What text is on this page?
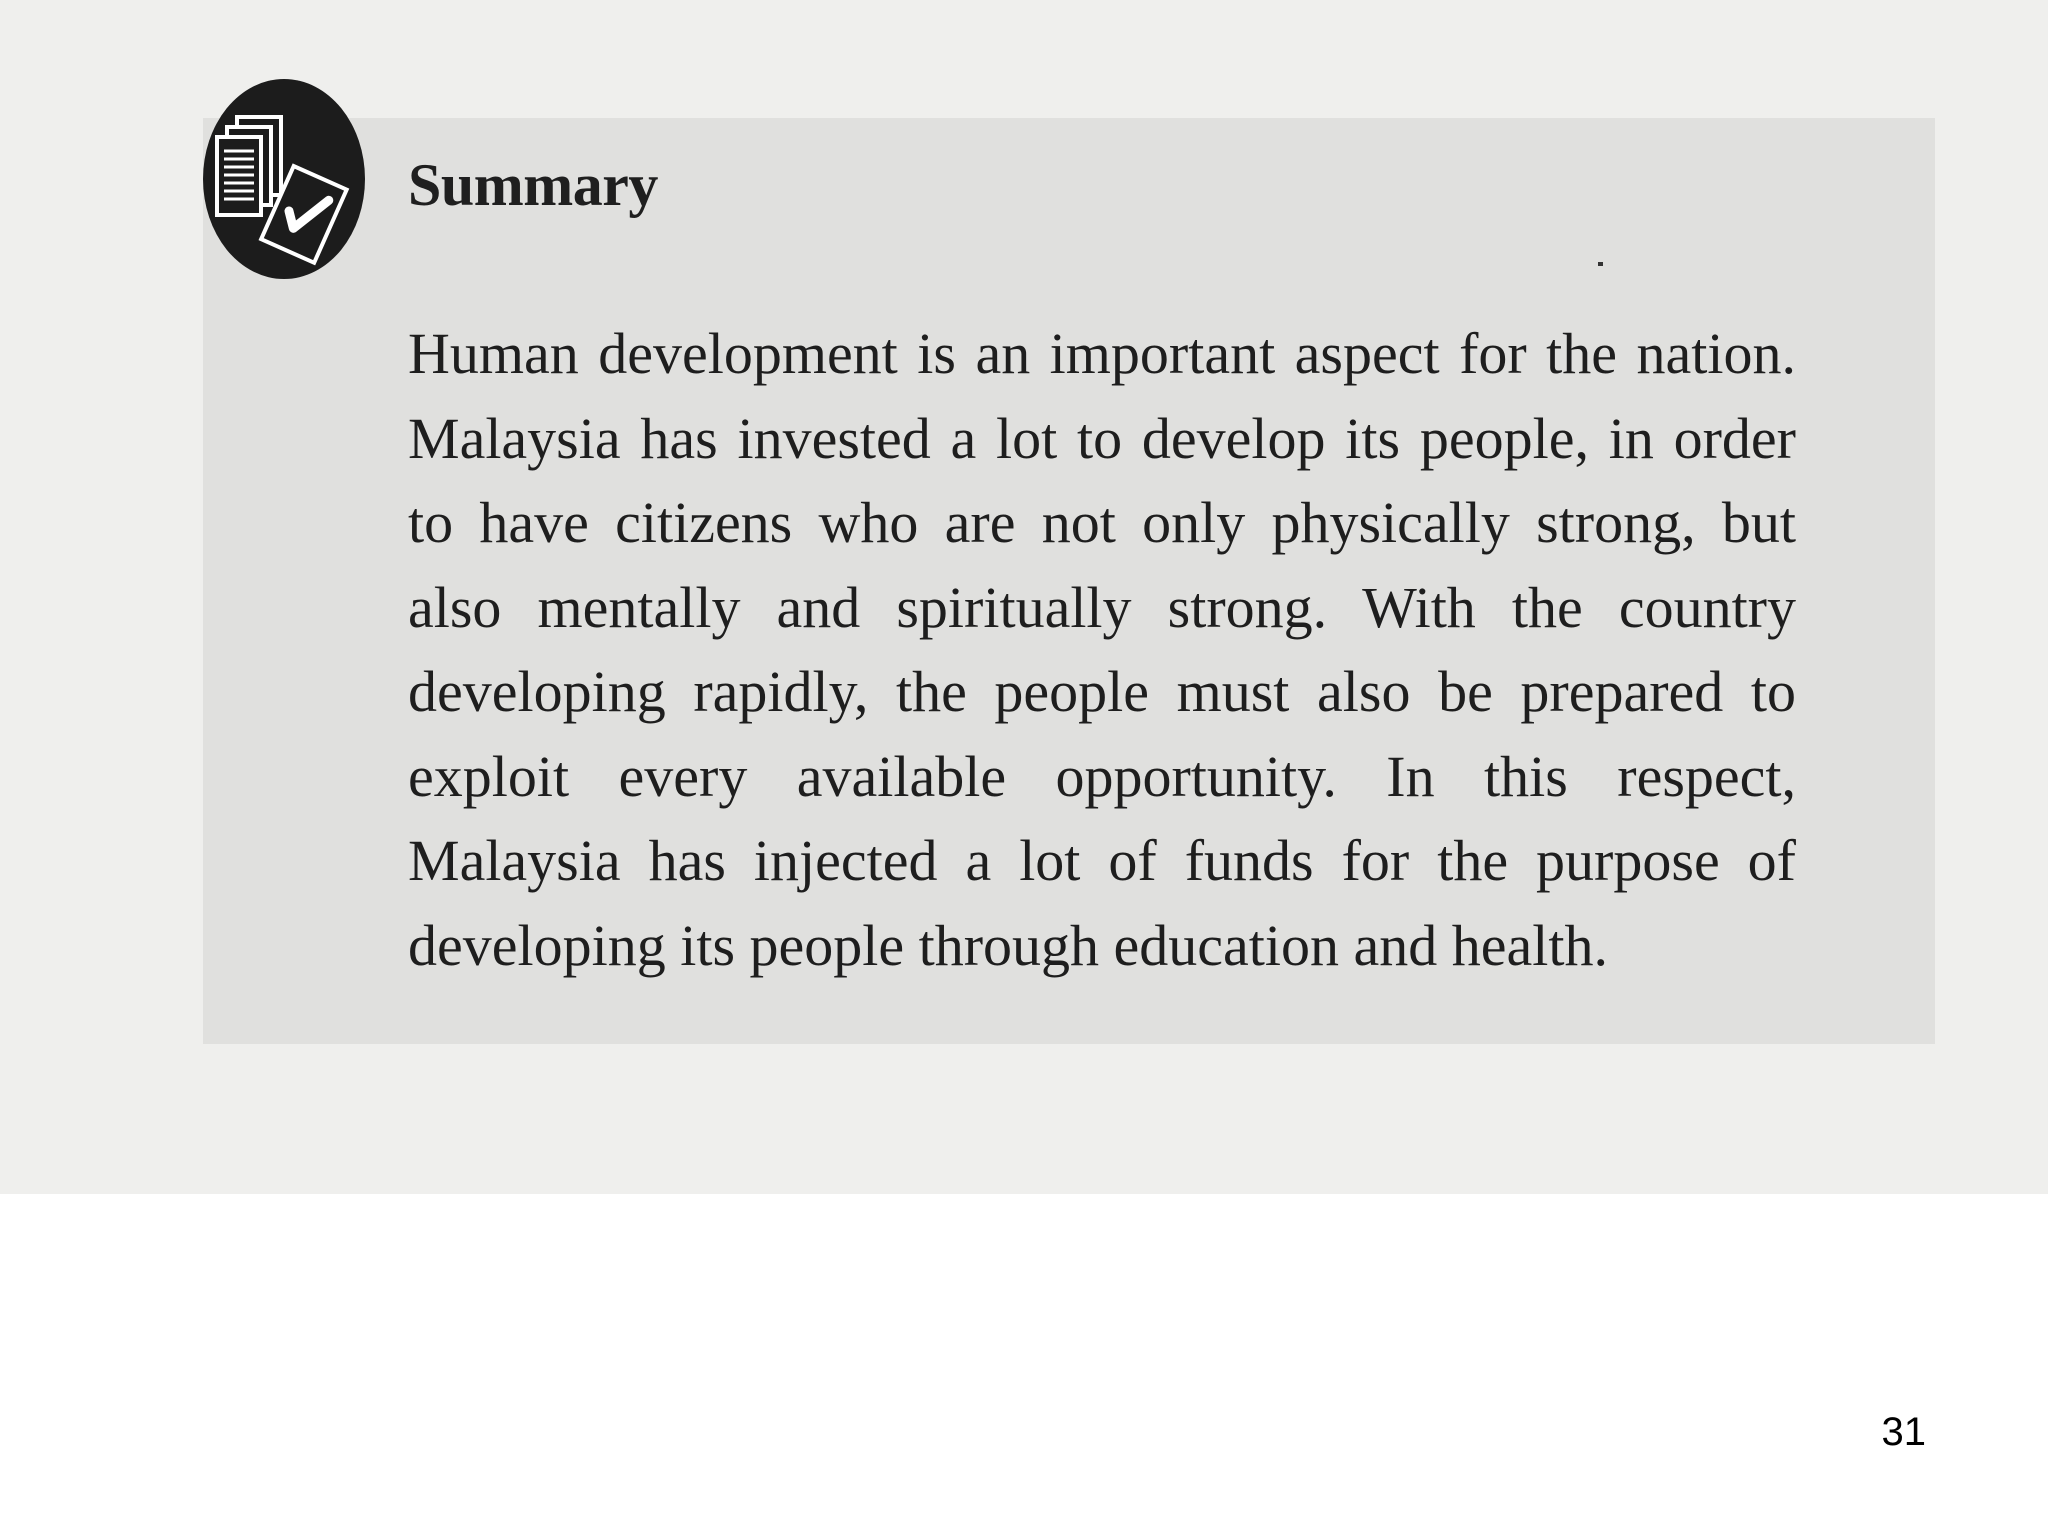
Summary

Human development is an important aspect for the nation. Malaysia has invested a lot to develop its people, in order to have citizens who are not only physically strong, but also mentally and spiritually strong. With the country developing rapidly, the people must also be prepared to exploit every available opportunity. In this respect, Malaysia has injected a lot of funds for the purpose of developing its people through education and health.

31
